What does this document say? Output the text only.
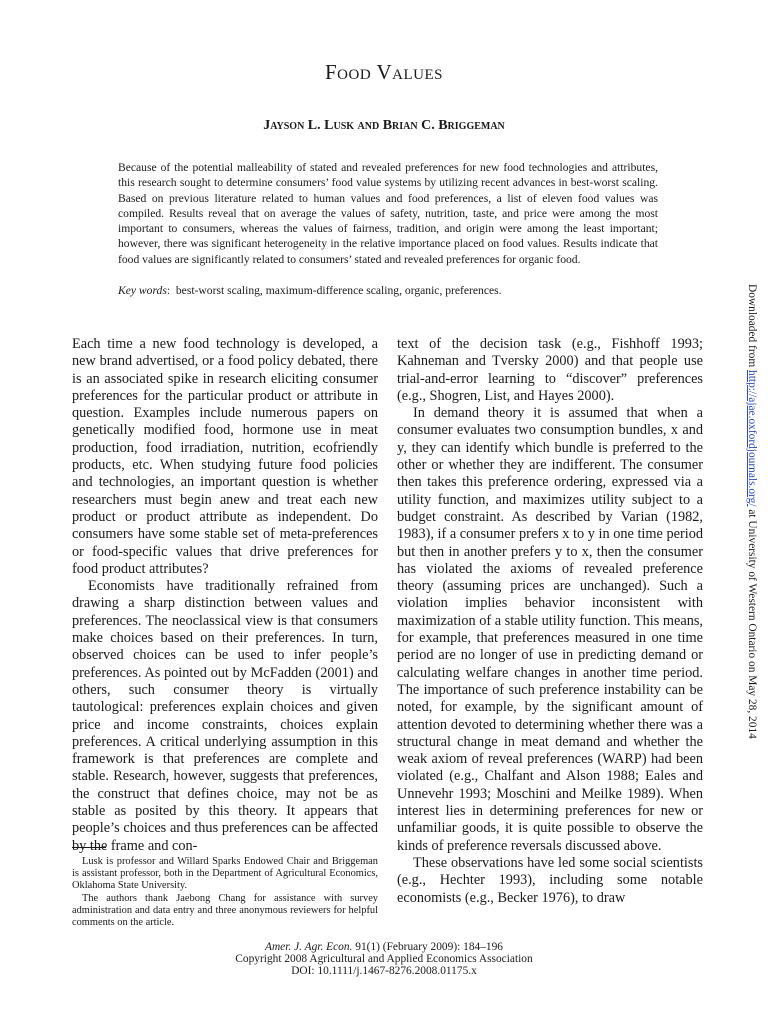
Food Values
Jayson L. Lusk and Brian C. Briggeman

Because of the potential malleability of stated and revealed preferences for new food technologies and attributes, this research sought to determine consumers’ food value systems by utilizing recent advances in best-worst scaling. Based on previous literature related to human values and food preferences, a list of eleven food values was compiled. Results reveal that on average the values of safety, nutrition, taste, and price were among the most important to consumers, whereas the values of fairness, tradition, and origin were among the least important; however, there was significant heterogeneity in the relative importance placed on food values. Results indicate that food values are significantly related to consumers’ stated and revealed preferences for organic food.

Key words: best-worst scaling, maximum-difference scaling, organic, preferences.

Each time a new food technology is developed, a new brand advertised, or a food policy debated, there is an associated spike in research eliciting consumer preferences for the particular product or attribute in question. Examples include numerous papers on genetically modified food, hormone use in meat production, food irradiation, nutrition, ecofriendly products, etc. When studying future food policies and technologies, an important question is whether researchers must begin anew and treat each new product or product attribute as independent. Do consumers have some stable set of meta-preferences or food-specific values that drive preferences for food product attributes?

Economists have traditionally refrained from drawing a sharp distinction between values and preferences. The neoclassical view is that consumers make choices based on their preferences. In turn, observed choices can be used to infer people’s preferences. As pointed out by McFadden (2001) and others, such consumer theory is virtually tautological: preferences explain choices and given price and income constraints, choices explain preferences. A critical underlying assumption in this framework is that preferences are complete and stable. Research, however, suggests that preferences, the construct that defines choice, may not be as stable as posited by this theory. It appears that people’s choices and thus preferences can be affected by the frame and con-

text of the decision task (e.g., Fishhoff 1993; Kahneman and Tversky 2000) and that people use trial-and-error learning to “discover” preferences (e.g., Shogren, List, and Hayes 2000).

In demand theory it is assumed that when a consumer evaluates two consumption bundles, x and y, they can identify which bundle is preferred to the other or whether they are indifferent. The consumer then takes this preference ordering, expressed via a utility function, and maximizes utility subject to a budget constraint. As described by Varian (1982, 1983), if a consumer prefers x to y in one time period but then in another prefers y to x, then the consumer has violated the axioms of revealed preference theory (assuming prices are unchanged). Such a violation implies behavior inconsistent with maximization of a stable utility function. This means, for example, that preferences measured in one time period are no longer of use in predicting demand or calculating welfare changes in another time period. The importance of such preference instability can be noted, for example, by the significant amount of attention devoted to determining whether there was a structural change in meat demand and whether the weak axiom of reveal preferences (WARP) had been violated (e.g., Chalfant and Alson 1988; Eales and Unnevehr 1993; Moschini and Meilke 1989). When interest lies in determining preferences for new or unfamiliar goods, it is quite possible to observe the kinds of preference reversals discussed above.

These observations have led some social scientists (e.g., Hechter 1993), including some notable economists (e.g., Becker 1976), to draw

Lusk is professor and Willard Sparks Endowed Chair and Briggeman is assistant professor, both in the Department of Agricultural Economics, Oklahoma State University.

The authors thank Jaebong Chang for assistance with survey administration and data entry and three anonymous reviewers for helpful comments on the article.

Amer. J. Agr. Econ. 91(1) (February 2009): 184–196
Copyright 2008 Agricultural and Applied Economics Association
DOI: 10.1111/j.1467-8276.2008.01175.x
Downloaded from http://ajae.oxfordjournals.org/ at University of Western Ontario on May 28, 2014
